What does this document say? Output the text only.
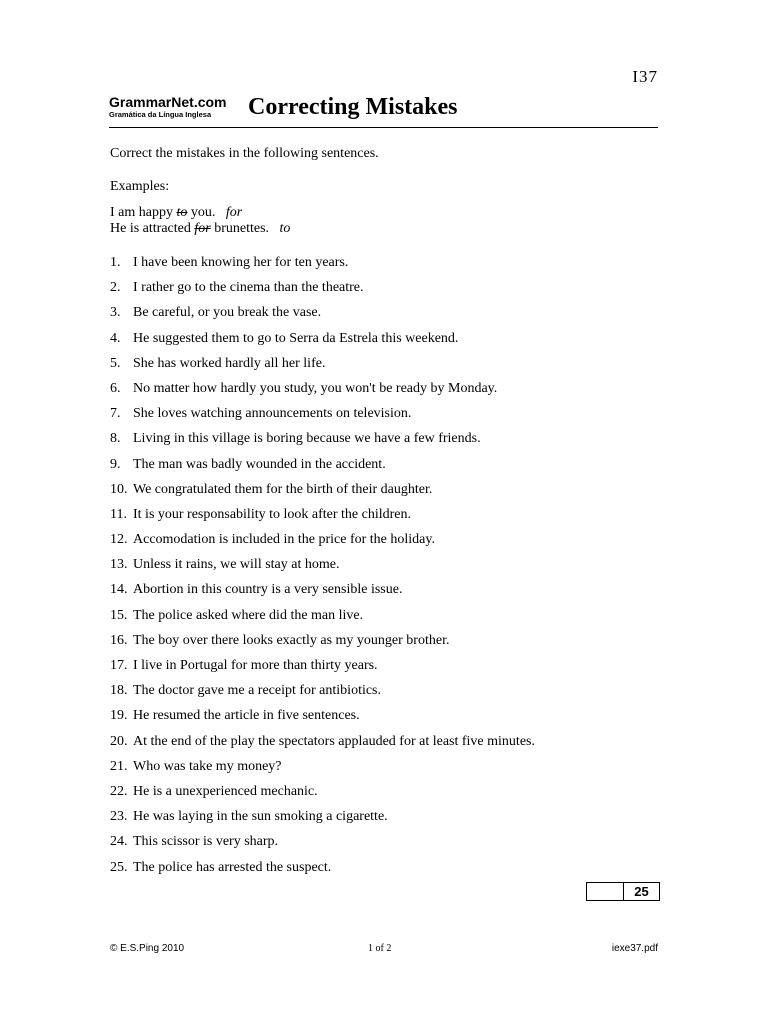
I37
GrammarNet.com
Gramática da Língua Inglesa	Correcting Mistakes
Correct the mistakes in the following sentences.
Examples:
I am happy to you. for
He is attracted for brunettes. to
1. I have been knowing her for ten years.
2. I rather go to the cinema than the theatre.
3. Be careful, or you break the vase.
4. He suggested them to go to Serra da Estrela this weekend.
5. She has worked hardly all her life.
6. No matter how hardly you study, you won't be ready by Monday.
7. She loves watching announcements on television.
8. Living in this village is boring because we have a few friends.
9. The man was badly wounded in the accident.
10. We congratulated them for the birth of their daughter.
11. It is your responsability to look after the children.
12. Accomodation is included in the price for the holiday.
13. Unless it rains, we will stay at home.
14. Abortion in this country is a very sensible issue.
15. The police asked where did the man live.
16. The boy over there looks exactly as my younger brother.
17. I live in Portugal for more than thirty years.
18. The doctor gave me a receipt for antibiotics.
19. He resumed the article in five sentences.
20. At the end of the play the spectators applauded for at least five minutes.
21. Who was take my money?
22. He is a unexperienced mechanic.
23. He was laying in the sun smoking a cigarette.
24. This scissor is very sharp.
25. The police has arrested the suspect.
25
© E.S.Ping 2010	1 of 2	iexe37.pdf
